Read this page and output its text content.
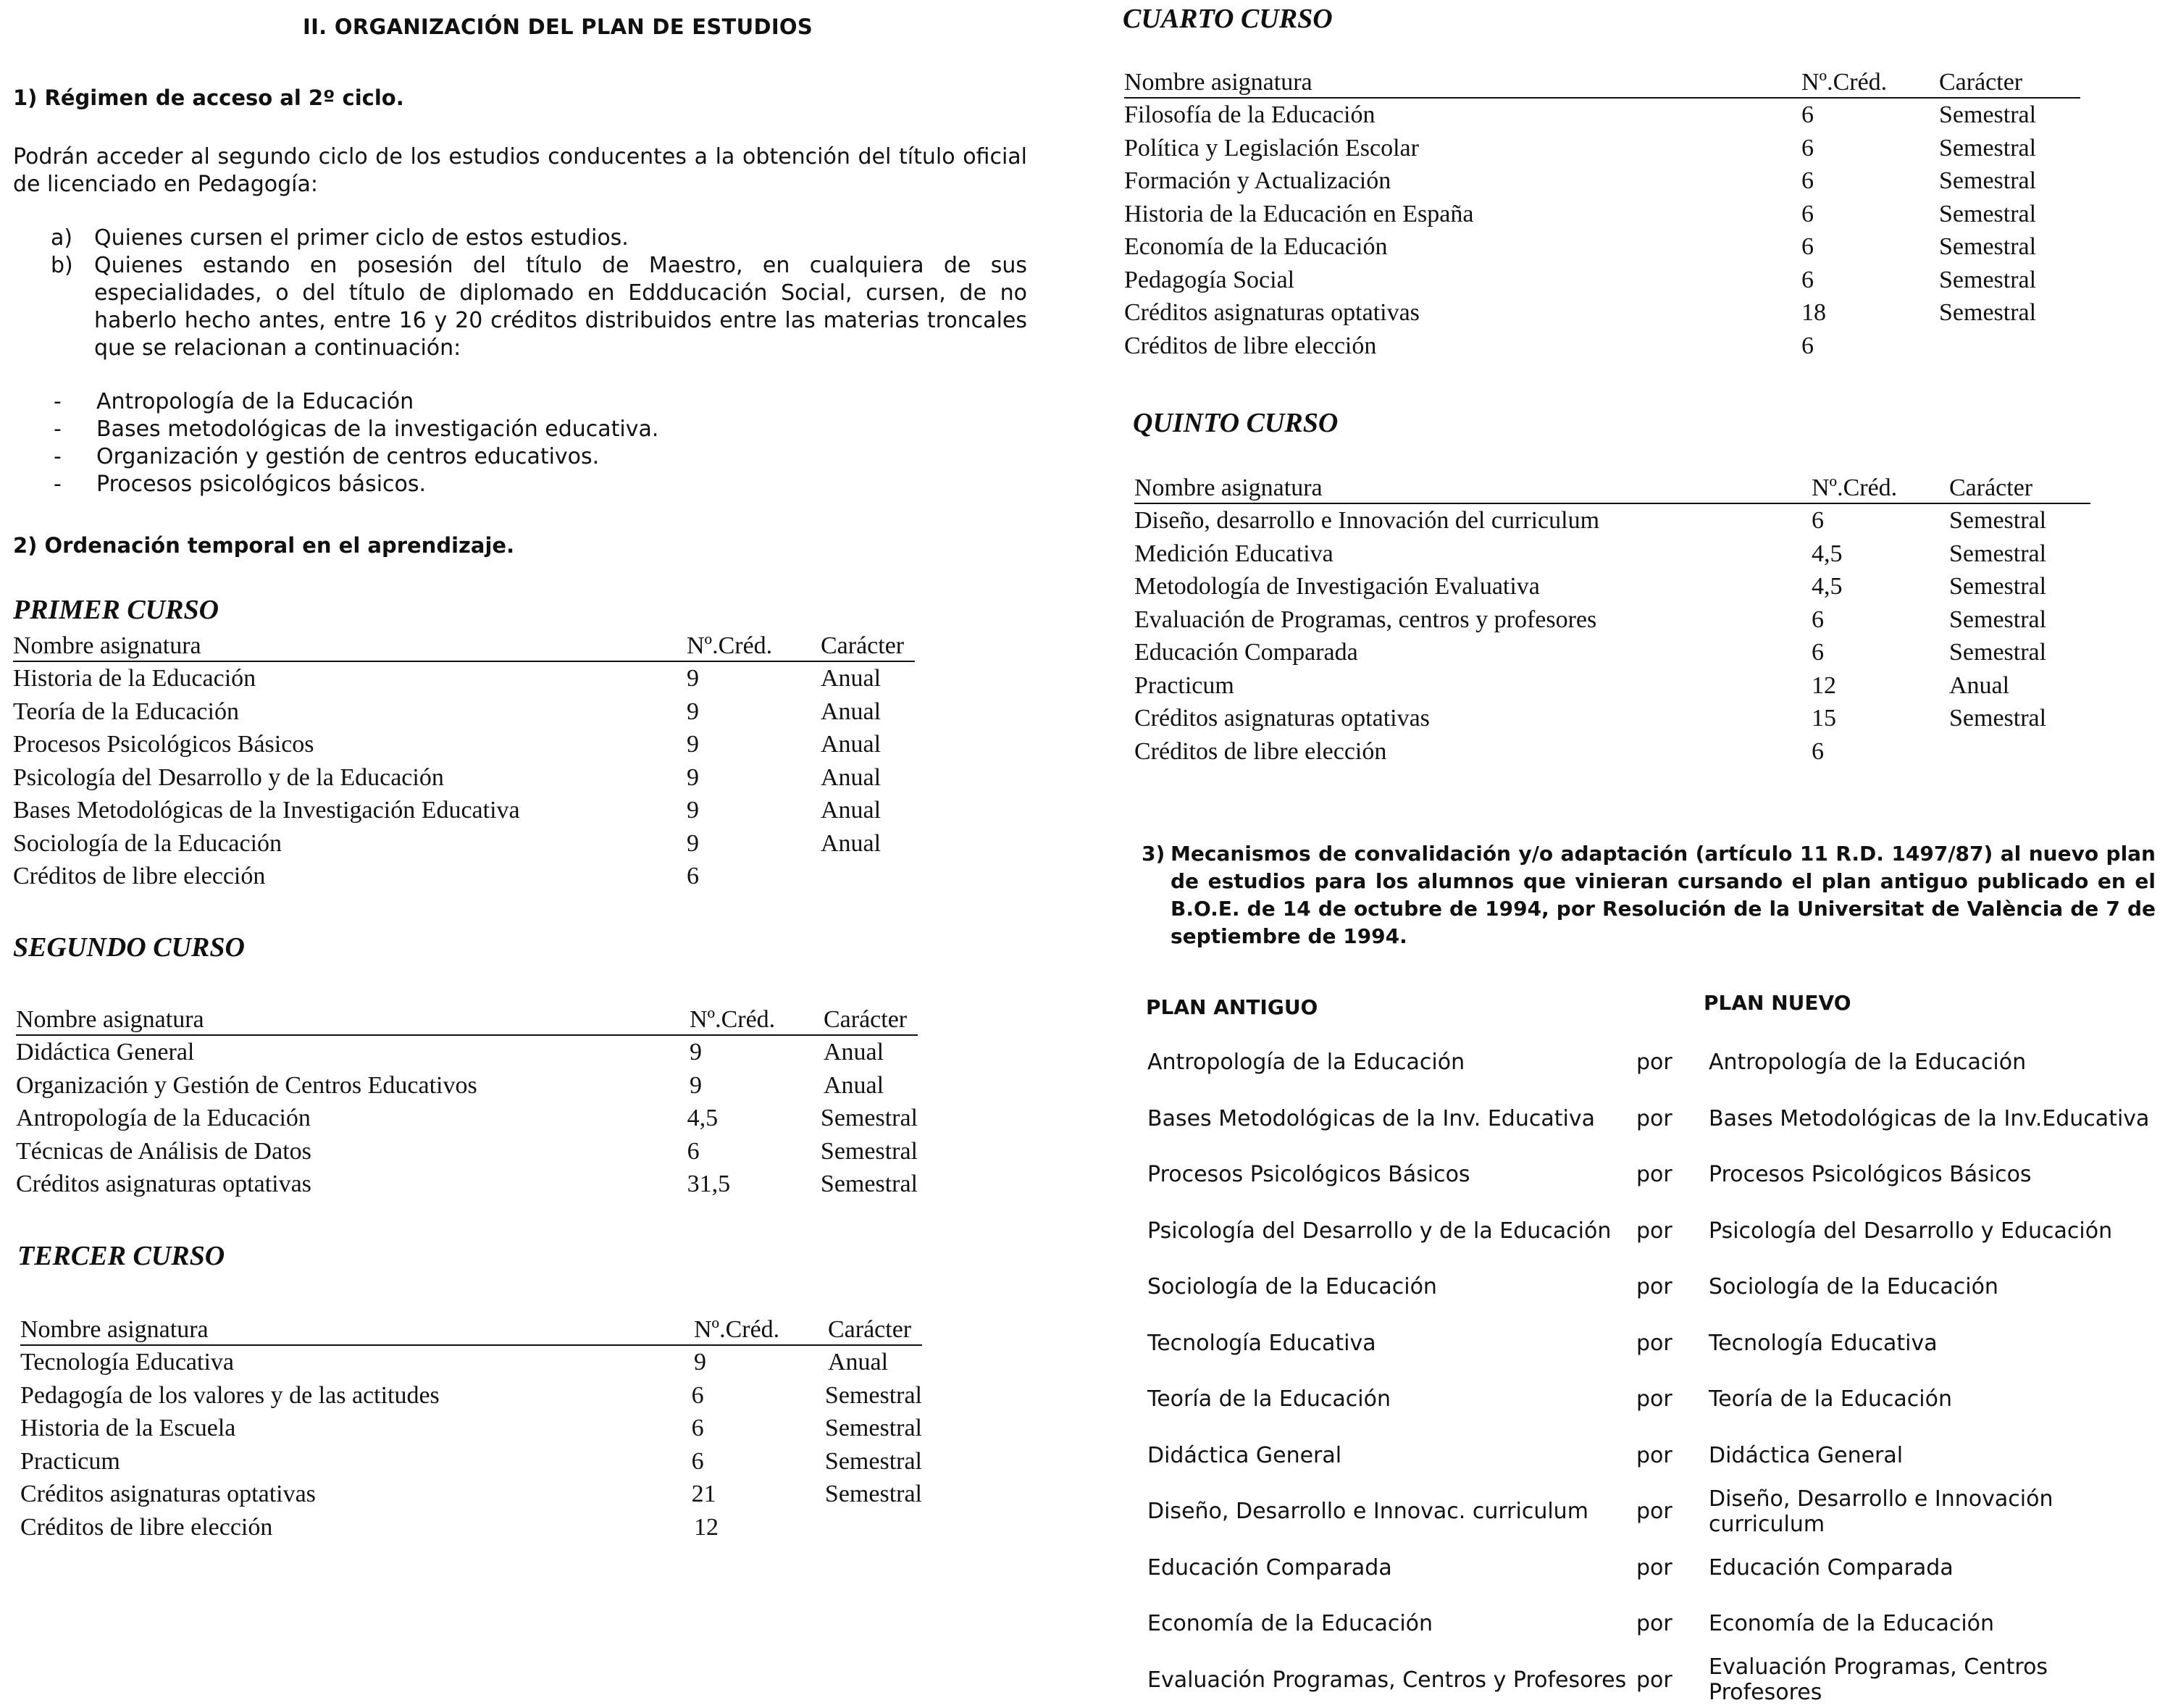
II. ORGANIZACIÓN DEL PLAN DE ESTUDIOS
1) Régimen de acceso al 2º ciclo.
Podrán acceder al segundo ciclo de los estudios conducentes a la obtención del título oficial de licenciado en Pedagogía:
a) Quienes cursen el primer ciclo de estos estudios.
b) Quienes estando en posesión del título de Maestro, en cualquiera de sus especialidades, o del título de diplomado en Eddducación Social, cursen, de no haberlo hecho antes, entre 16 y 20 créditos distribuidos entre las materias troncales que se relacionan a continuación:
-	Antropología de la Educación
-	Bases metodológicas de la investigación educativa.
-	Organización y gestión de centros educativos.
-	Procesos psicológicos básicos.
2) Ordenación temporal en el aprendizaje.
PRIMER CURSO
Nombre asignatura	Nº.Créd.	Carácter
Historia de la Educación	9	Anual
Teoría de la Educación	9	Anual
Procesos Psicológicos Básicos	9	Anual
Psicología del Desarrollo y de la Educación	9	Anual
Bases Metodológicas de la Investigación Educativa	9	Anual
Sociología de la Educación	9	Anual
Créditos de libre elección	6
SEGUNDO CURSO
Nombre asignatura	Nº.Créd.	Carácter
Didáctica General	9	Anual
Organización y Gestión de Centros Educativos	9	Anual
Antropología de la Educación	4,5	Semestral
Técnicas de Análisis de Datos	6	Semestral
Créditos asignaturas optativas	31,5	Semestral
TERCER CURSO
Nombre asignatura	Nº.Créd.	Carácter
Tecnología Educativa	9	Anual
Pedagogía de los valores y de las actitudes	6	Semestral
Historia de la Escuela	6	Semestral
Practicum	6	Semestral
Créditos asignaturas optativas	21	Semestral
Créditos de libre elección	12
CUARTO CURSO
Nombre asignatura	Nº.Créd.	Carácter
Filosofía de la Educación	6	Semestral
Política y Legislación Escolar	6	Semestral
Formación y Actualización	6	Semestral
Historia de la Educación en España	6	Semestral
Economía de la Educación	6	Semestral
Pedagogía Social	6	Semestral
Créditos asignaturas optativas	18	Semestral
Créditos de libre elección	6
QUINTO CURSO
Nombre asignatura	Nº.Créd.	Carácter
Diseño, desarrollo e Innovación del curriculum	6	Semestral
Medición Educativa	4,5	Semestral
Metodología de Investigación Evaluativa	4,5	Semestral
Evaluación de Programas, centros y profesores	6	Semestral
Educación Comparada	6	Semestral
Practicum	12	Anual
Créditos asignaturas optativas	15	Semestral
Créditos de libre elección	6
3) Mecanismos de convalidación y/o adaptación (artículo 11 R.D. 1497/87) al nuevo plan de estudios para los alumnos que vinieran cursando el plan antiguo publicado en el B.O.E. de 14 de octubre de 1994, por Resolución de la Universitat de València de 7 de septiembre de 1994.
PLAN ANTIGUO	PLAN NUEVO
Antropología de la Educación	por	Antropología de la Educación
Bases Metodológicas de la Inv. Educativa	por	Bases Metodológicas de la Inv.Educativa
Procesos Psicológicos Básicos	por	Procesos Psicológicos Básicos
Psicología del Desarrollo y de la Educación	por	Psicología del Desarrollo y Educación
Sociología de la Educación	por	Sociología de la Educación
Tecnología Educativa	por	Tecnología Educativa
Teoría de la Educación	por	Teoría de la Educación
Didáctica General	por	Didáctica General
Diseño, Desarrollo e Innovac. curriculum	por	Diseño, Desarrollo e Innovación curriculum
Educación Comparada	por	Educación Comparada
Economía de la Educación	por	Economía de la Educación
Evaluación Programas, Centros y Profesores por	Evaluación Programas, Centros Profesores
